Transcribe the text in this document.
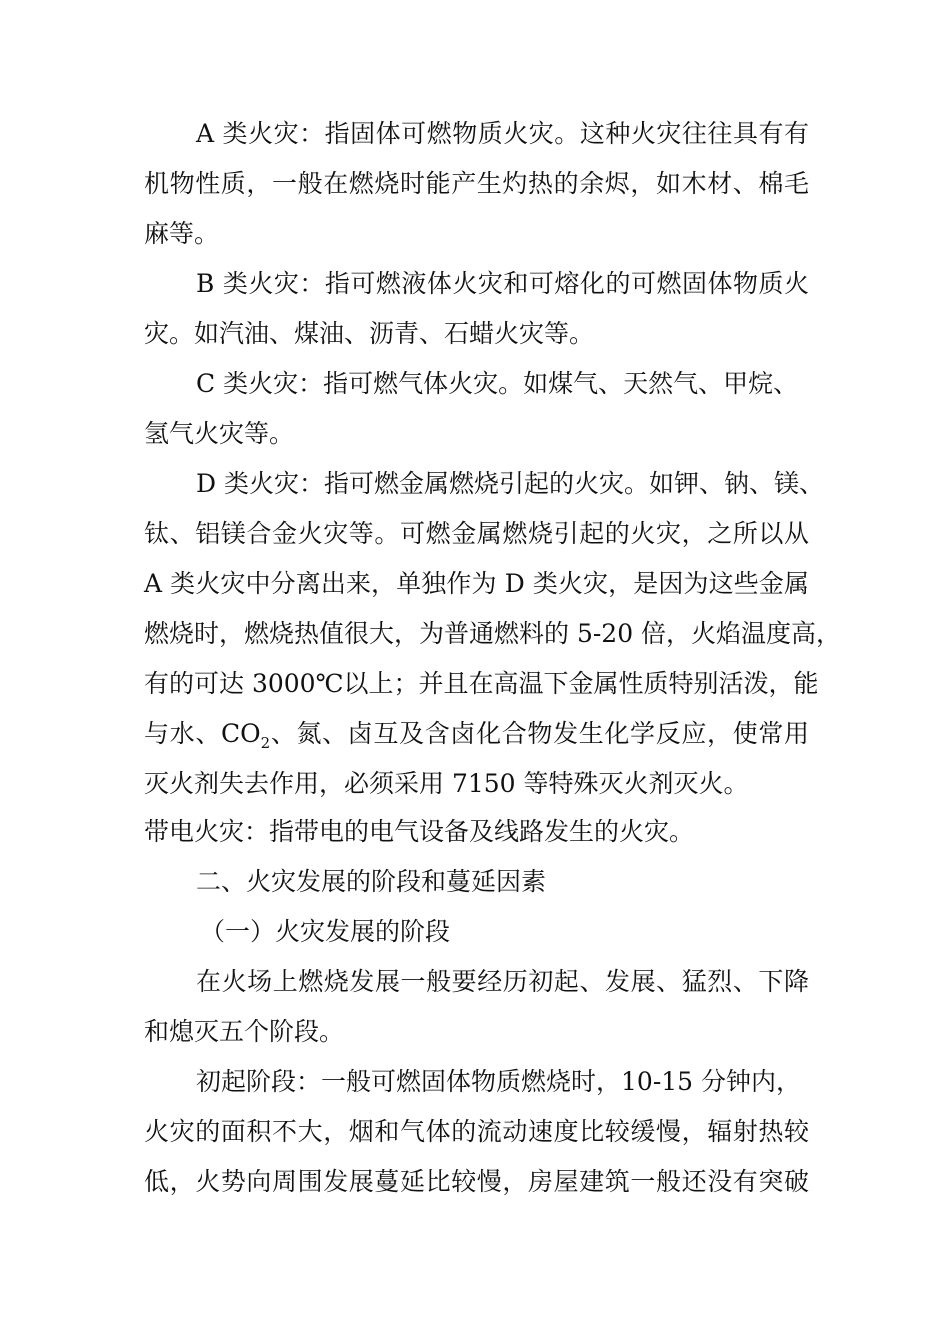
A 类火灾：指固体可燃物质火灾。这种火灾往往具有有
机物性质，一般在燃烧时能产生灼热的余烬，如木材、棉毛
麻等。
B 类火灾：指可燃液体火灾和可熔化的可燃固体物质火
灾。如汽油、煤油、沥青、石蜡火灾等。
C 类火灾：指可燃气体火灾。如煤气、天然气、甲烷、
氢气火灾等。
D 类火灾：指可燃金属燃烧引起的火灾。如钾、钠、镁、
钛、铝镁合金火灾等。可燃金属燃烧引起的火灾，之所以从
A 类火灾中分离出来，单独作为 D 类火灾，是因为这些金属
燃烧时，燃烧热值很大，为普通燃料的 5-20 倍，火焰温度高，
有的可达 3000℃以上；并且在高温下金属性质特别活泼，能
与水、$CO_2$、氮、卤互及含卤化合物发生化学反应，使常用
灭火剂失去作用，必须采用 7150 等特殊灭火剂灭火。
带电火灾：指带电的电气设备及线路发生的火灾。
二、火灾发展的阶段和蔓延因素
（一）火灾发展的阶段
在火场上燃烧发展一般要经历初起、发展、猛烈、下降
和熄灭五个阶段。
初起阶段：一般可燃固体物质燃烧时，10-15 分钟内，
火灾的面积不大，烟和气体的流动速度比较缓慢，辐射热较
低，火势向周围发展蔓延比较慢，房屋建筑一般还没有突破
